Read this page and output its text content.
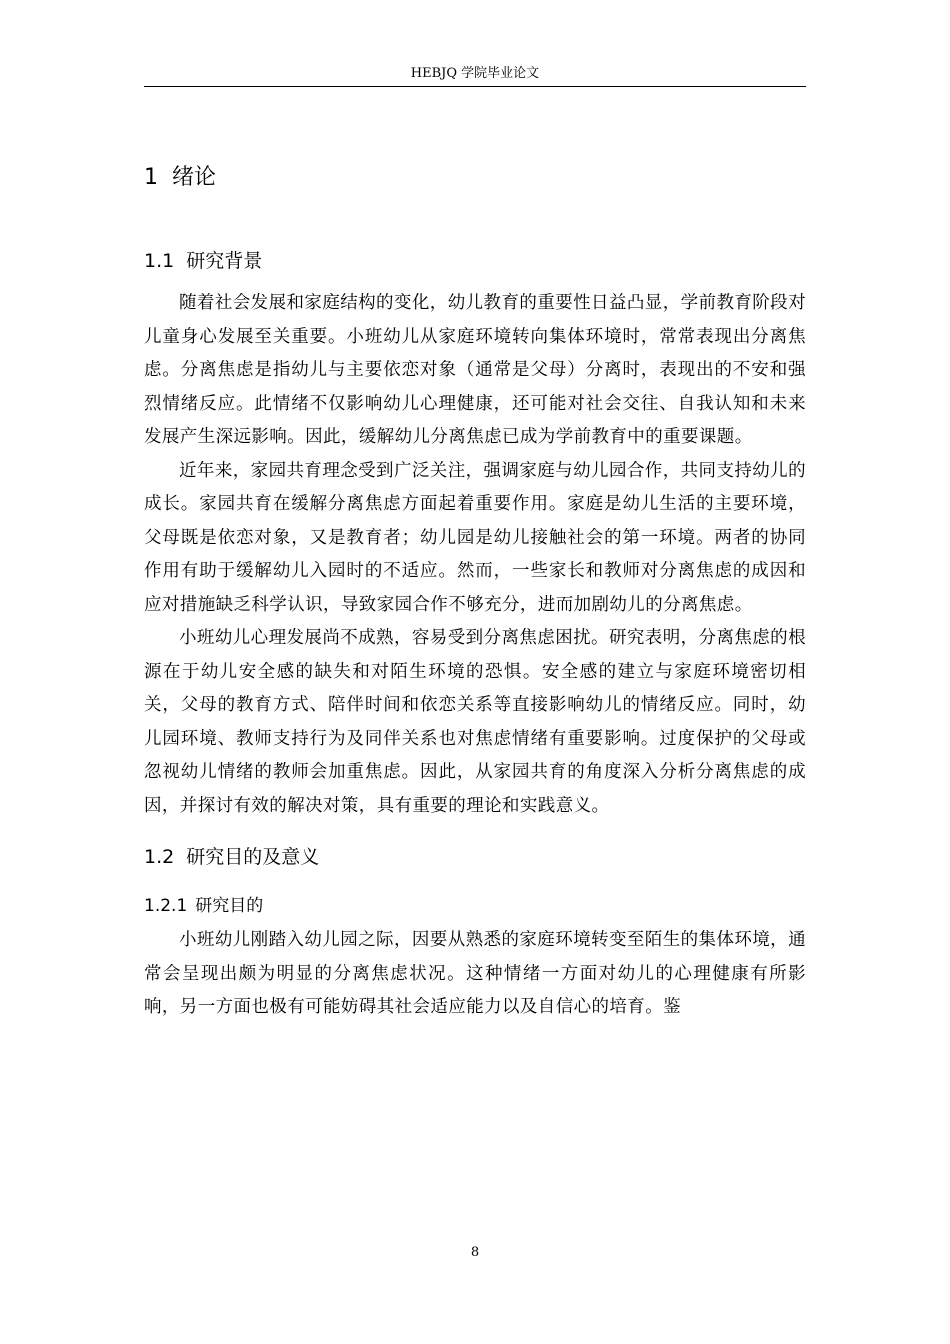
HEBJQ 学院毕业论文
1 绪论
1.1 研究背景

随着社会发展和家庭结构的变化，幼儿教育的重要性日益凸显，学前教育阶段对儿童身心发展至关重要。小班幼儿从家庭环境转向集体环境时，常常表现出分离焦虑。分离焦虑是指幼儿与主要依恋对象（通常是父母）分离时，表现出的不安和强烈情绪反应。此情绪不仅影响幼儿心理健康，还可能对社会交往、自我认知和未来发展产生深远影响。因此，缓解幼儿分离焦虑已成为学前教育中的重要课题。

近年来，家园共育理念受到广泛关注，强调家庭与幼儿园合作，共同支持幼儿的成长。家园共育在缓解分离焦虑方面起着重要作用。家庭是幼儿生活的主要环境，父母既是依恋对象，又是教育者；幼儿园是幼儿接触社会的第一环境。两者的协同作用有助于缓解幼儿入园时的不适应。然而，一些家长和教师对分离焦虑的成因和应对措施缺乏科学认识，导致家园合作不够充分，进而加剧幼儿的分离焦虑。

小班幼儿心理发展尚不成熟，容易受到分离焦虑困扰。研究表明，分离焦虑的根源在于幼儿安全感的缺失和对陌生环境的恐惧。安全感的建立与家庭环境密切相关，父母的教育方式、陪伴时间和依恋关系等直接影响幼儿的情绪反应。同时，幼儿园环境、教师支持行为及同伴关系也对焦虑情绪有重要影响。过度保护的父母或忽视幼儿情绪的教师会加重焦虑。因此，从家园共育的角度深入分析分离焦虑的成因，并探讨有效的解决对策，具有重要的理论和实践意义。

1.2 研究目的及意义
1.2.1 研究目的

小班幼儿刚踏入幼儿园之际，因要从熟悉的家庭环境转变至陌生的集体环境，通常会呈现出颇为明显的分离焦虑状况。这种情绪一方面对幼儿的心理健康有所影响，另一方面也极有可能妨碍其社会适应能力以及自信心的培育。鉴

8
